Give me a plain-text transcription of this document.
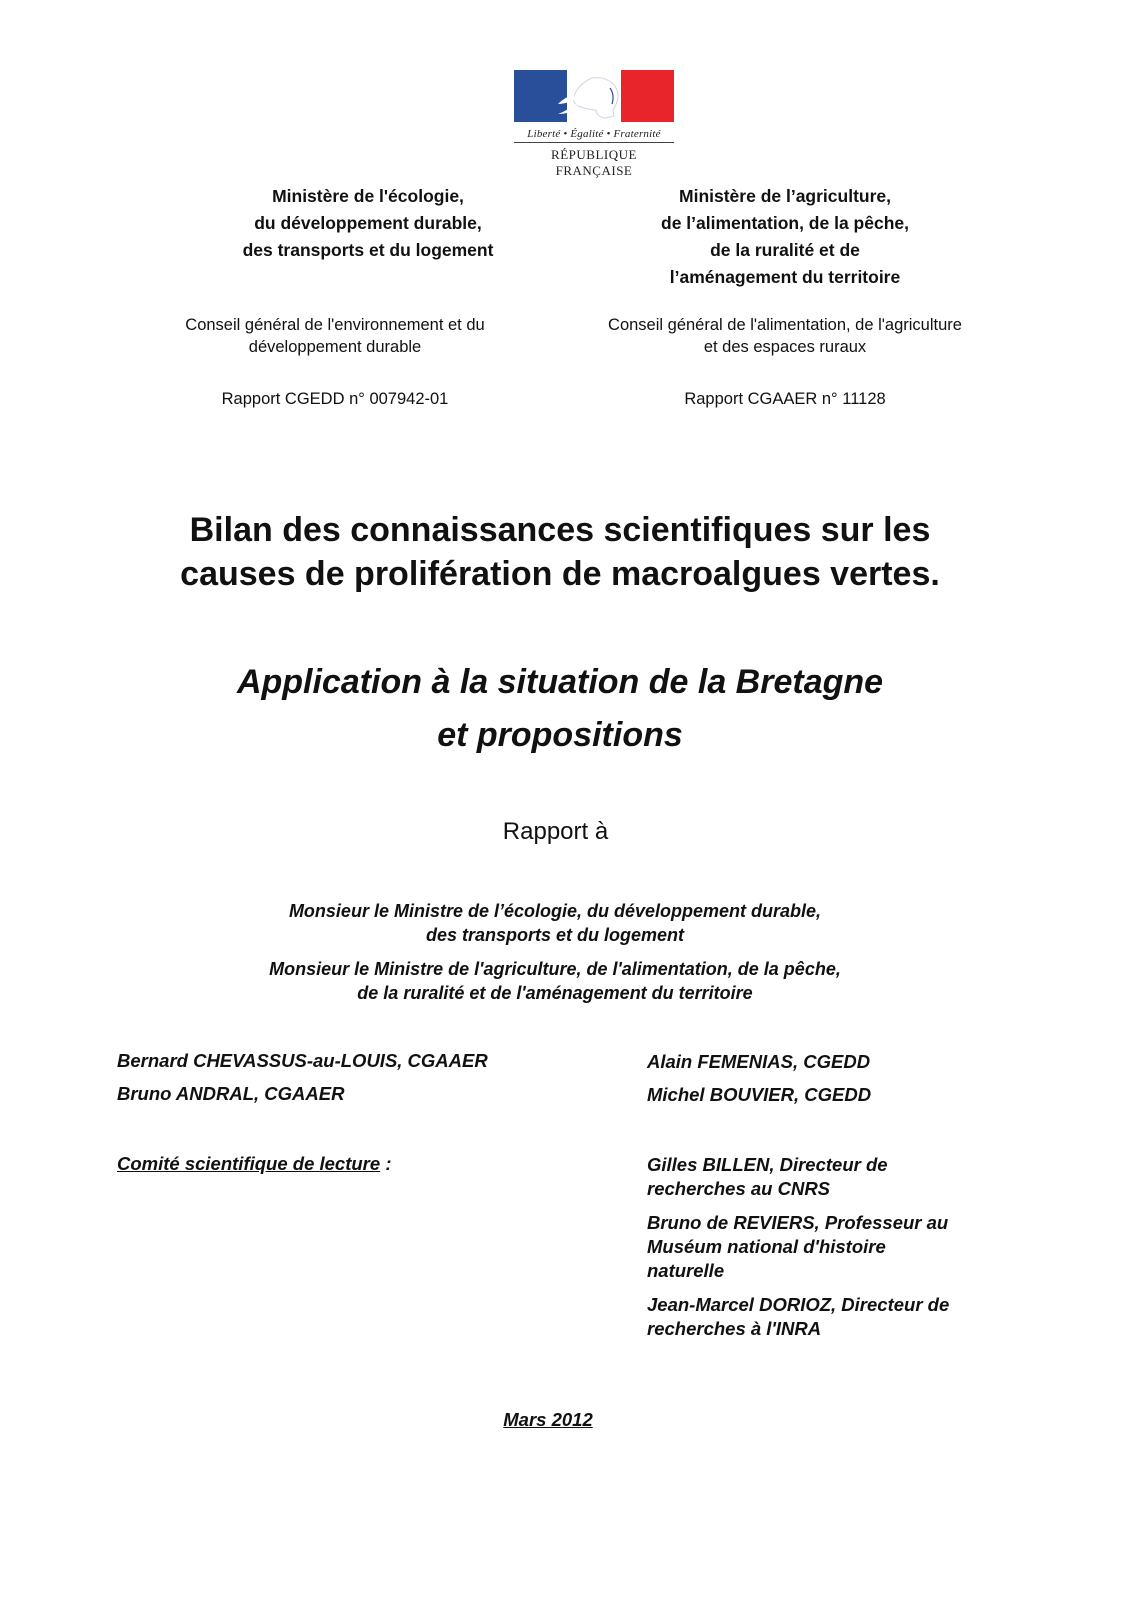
Liberté • Égalité • Fraternité
RÉPUBLIQUE FRANÇAISE
Ministère de l'écologie,
du développement durable,
des transports et du logement
Ministère de l’agriculture,
de l’alimentation, de la pêche,
de la ruralité et de
l’aménagement du territoire
Conseil général de l'environnement et du
développement durable
Conseil général de l'alimentation, de l'agriculture
et des espaces ruraux
Rapport CGEDD n° 007942-01	Rapport CGAAER n° 11128
Bilan des connaissances scientifiques sur les
causes de prolifération de macroalgues vertes.
Application à la situation de la Bretagne
et propositions
Rapport à
Monsieur le Ministre de l’écologie, du développement durable,
des transports et du logement
Monsieur le Ministre de l'agriculture, de l'alimentation, de la pêche,
de la ruralité et de l'aménagement du territoire
Bernard CHEVASSUS-au-LOUIS, CGAAER
Bruno ANDRAL, CGAAER
Alain FEMENIAS, CGEDD
Michel BOUVIER, CGEDD
Comité scientifique de lecture :	Gilles BILLEN, Directeur de
recherches au CNRS
Bruno de REVIERS, Professeur au
Muséum national d'histoire
naturelle
Jean-Marcel DORIOZ, Directeur de
recherches à l'INRA
Mars 2012
